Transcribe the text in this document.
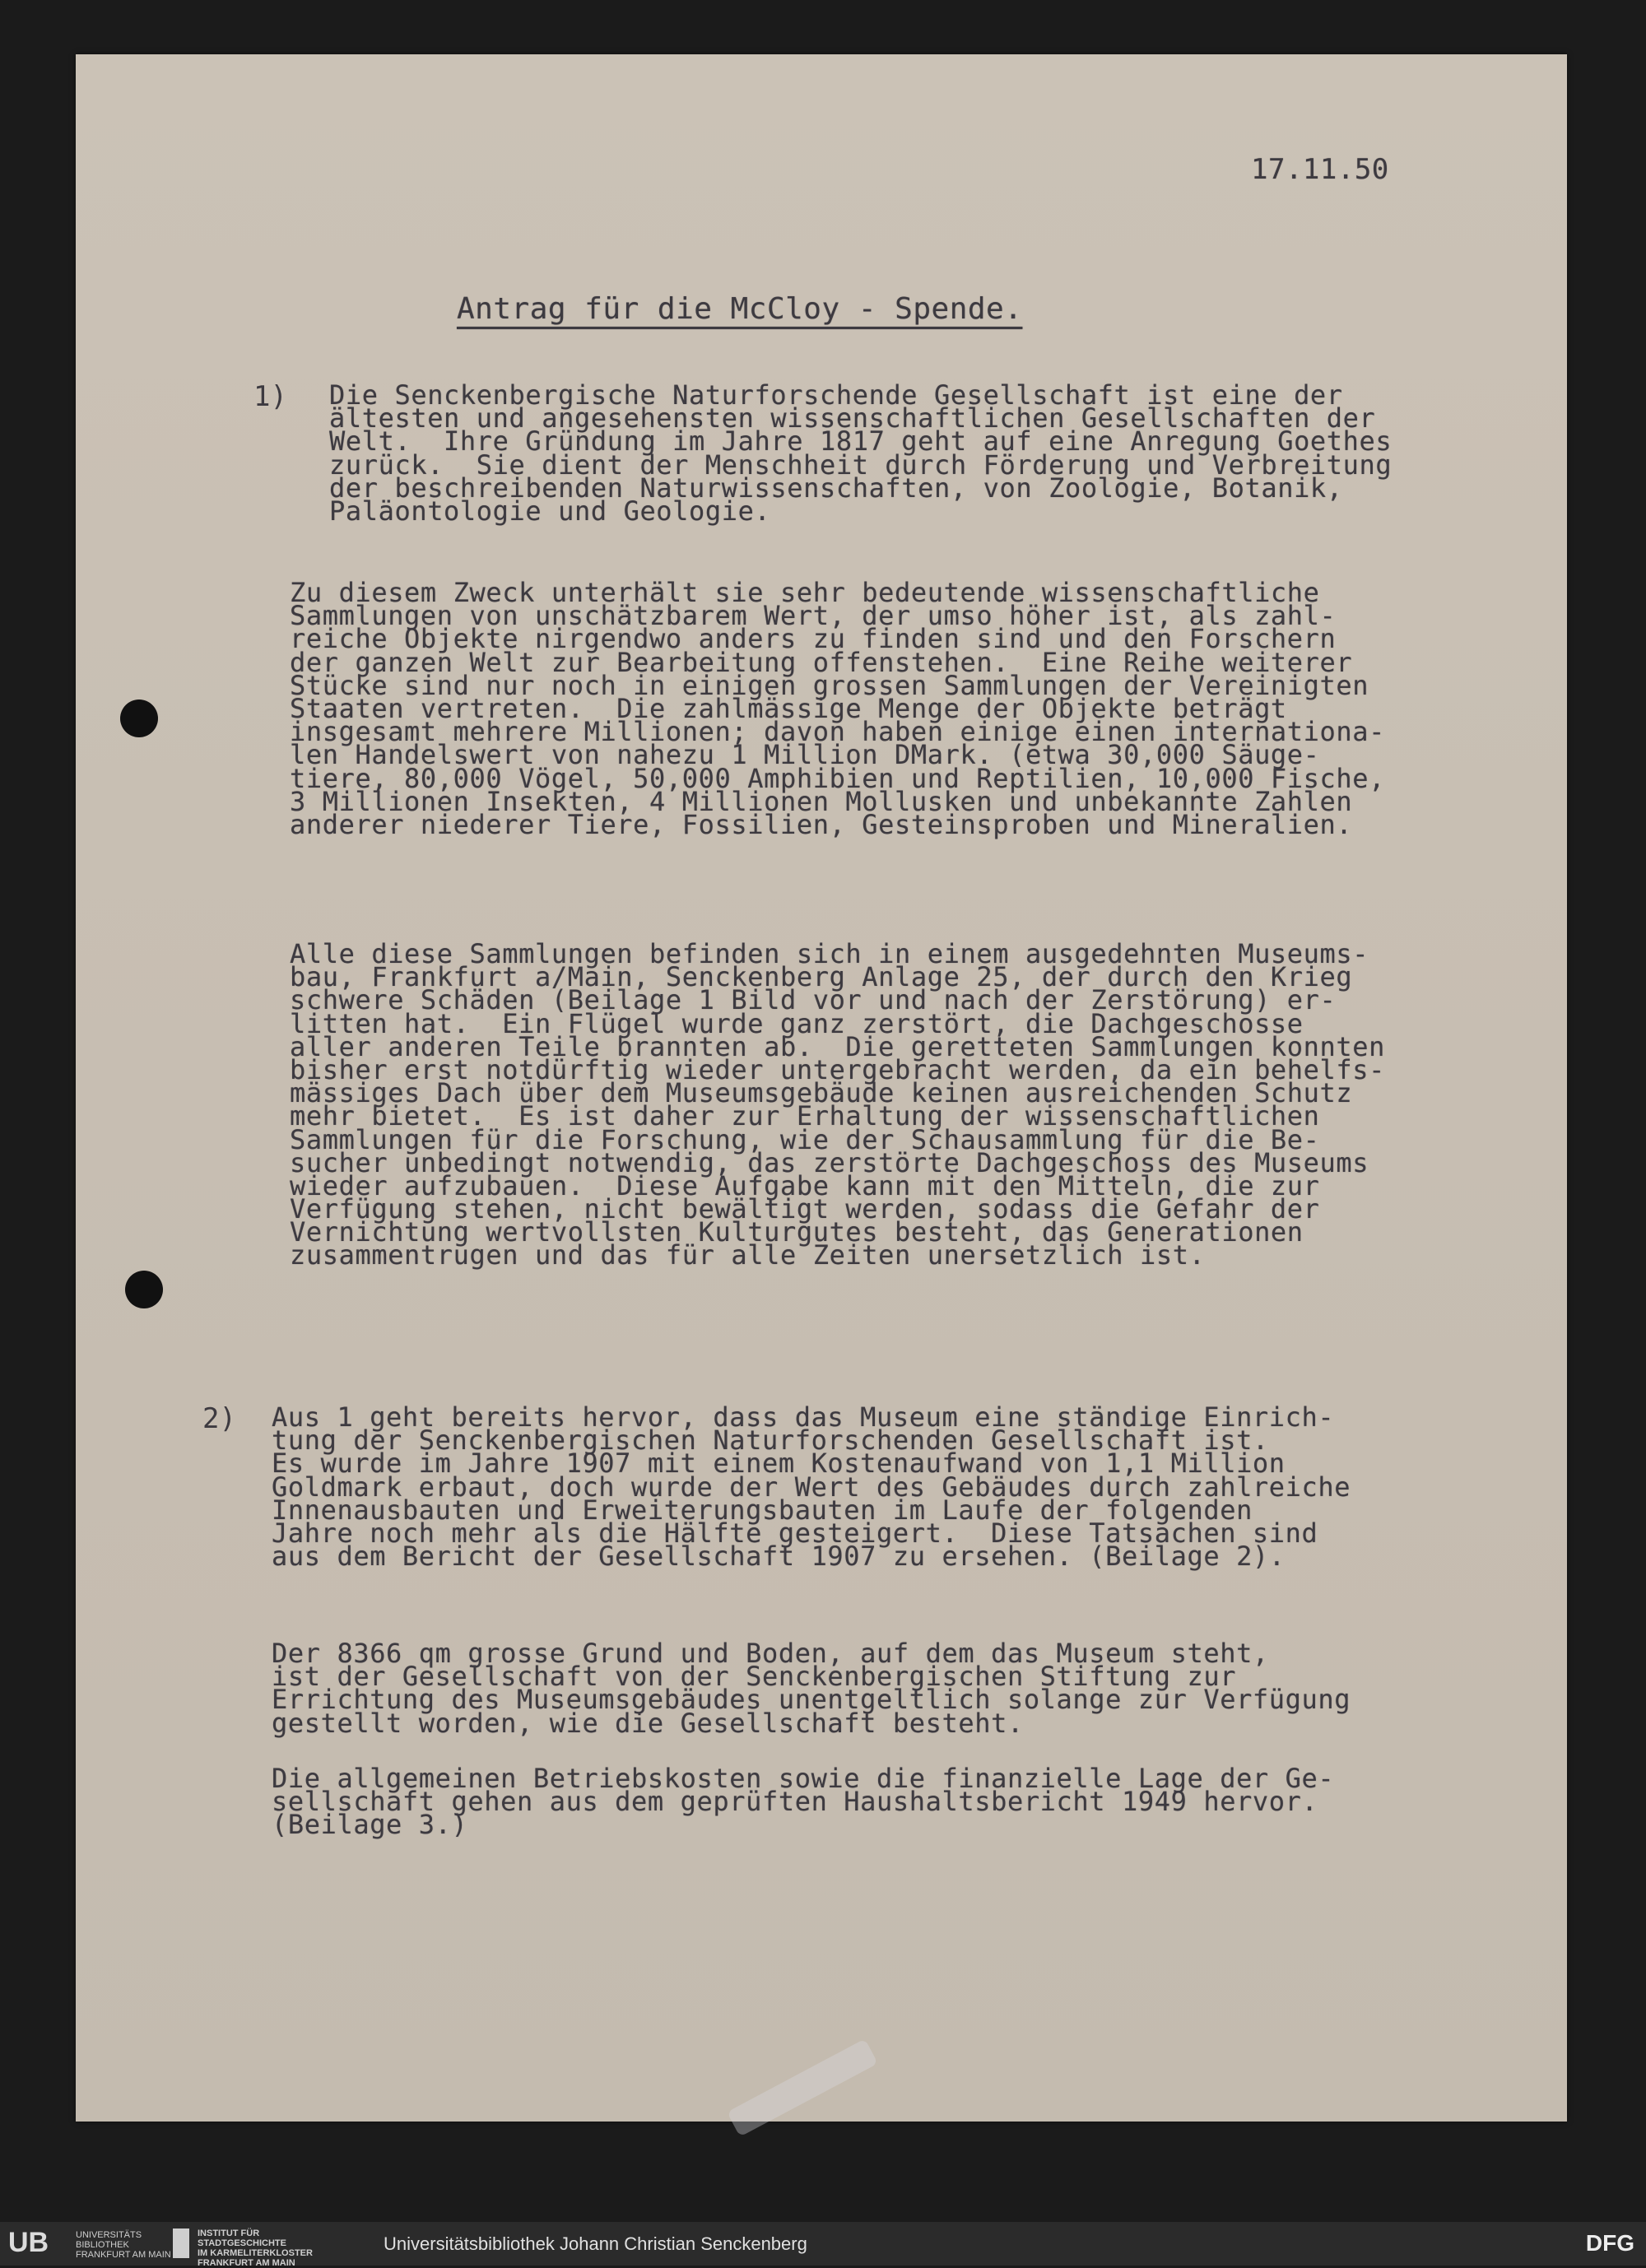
17.11.50
Antrag für die McCloy - Spende.
1) Die Senckenbergische Naturforschende Gesellschaft ist eine der
ältesten und angesehensten wissenschaftlichen Gesellschaften der
Welt.  Ihre Gründung im Jahre 1817 geht auf eine Anregung Goethes
zurück.  Sie dient der Menschheit durch Förderung und Verbreitung
der beschreibenden Naturwissenschaften, von Zoologie, Botanik,
Paläontologie und Geologie.
Zu diesem Zweck unterhält sie sehr bedeutende wissenschaftliche
Sammlungen von unschätzbarem Wert, der umso höher ist, als zahl-
reiche Objekte nirgendwo anders zu finden sind und den Forschern
der ganzen Welt zur Bearbeitung offenstehen.  Eine Reihe weiterer
Stücke sind nur noch in einigen grossen Sammlungen der Vereinigten
Staaten vertreten.  Die zahlmässige Menge der Objekte beträgt
insgesamt mehrere Millionen; davon haben einige einen internationa-
len Handelswert von nahezu 1 Million DMark. (etwa 30,000 Säuge-
tiere, 80,000 Vögel, 50,000 Amphibien und Reptilien, 10,000 Fische,
3 Millionen Insekten, 4 Millionen Mollusken und unbekannte Zahlen
anderer niederer Tiere, Fossilien, Gesteinsproben und Mineralien.
Alle diese Sammlungen befinden sich in einem ausgedehnten Museums-
bau, Frankfurt a/Main, Senckenberg Anlage 25, der durch den Krieg
schwere Schäden (Beilage 1 Bild vor und nach der Zerstörung) er-
litten hat.  Ein Flügel wurde ganz zerstört, die Dachgeschosse
aller anderen Teile brannten ab.  Die geretteten Sammlungen konnten
bisher erst notdürftig wieder untergebracht werden, da ein behelfs-
mässiges Dach über dem Museumsgebäude keinen ausreichenden Schutz
mehr bietet.  Es ist daher zur Erhaltung der wissenschaftlichen
Sammlungen für die Forschung, wie der Schausammlung für die Be-
sucher unbedingt notwendig, das zerstörte Dachgeschoss des Museums
wieder aufzubauen.  Diese Aufgabe kann mit den Mitteln, die zur
Verfügung stehen, nicht bewältigt werden, sodass die Gefahr der
Vernichtung wertvollsten Kulturgutes besteht, das Generationen
zusammentrugen und das für alle Zeiten unersetzlich ist.
2) Aus 1 geht bereits hervor, dass das Museum eine ständige Einrich-
tung der Senckenbergischen Naturforschenden Gesellschaft ist.
Es wurde im Jahre 1907 mit einem Kostenaufwand von 1,1 Million
Goldmark erbaut, doch wurde der Wert des Gebäudes durch zahlreiche
Innenausbauten und Erweiterungsbauten im Laufe der folgenden
Jahre noch mehr als die Hälfte gesteigert.  Diese Tatsachen sind
aus dem Bericht der Gesellschaft 1907 zu ersehen. (Beilage 2).
Der 8366 qm grosse Grund und Boden, auf dem das Museum steht,
ist der Gesellschaft von der Senckenbergischen Stiftung zur
Errichtung des Museumsgebäudes unentgeltlich solange zur Verfügung
gestellt worden, wie die Gesellschaft besteht.
Die allgemeinen Betriebskosten sowie die finanzielle Lage der Ge-
sellschaft gehen aus dem geprüften Haushaltsbericht 1949 hervor.
(Beilage 3.)
UB	UNIVERSITÄTS
BIBLIOTHEK
FRANKFURT AM MAIN
INSTITUT FÜR
STADTGESCHICHTE
IM KARMELITERKLOSTER
FRANKFURT AM MAIN
Universitätsbibliothek Johann Christian Senckenberg	DFG
